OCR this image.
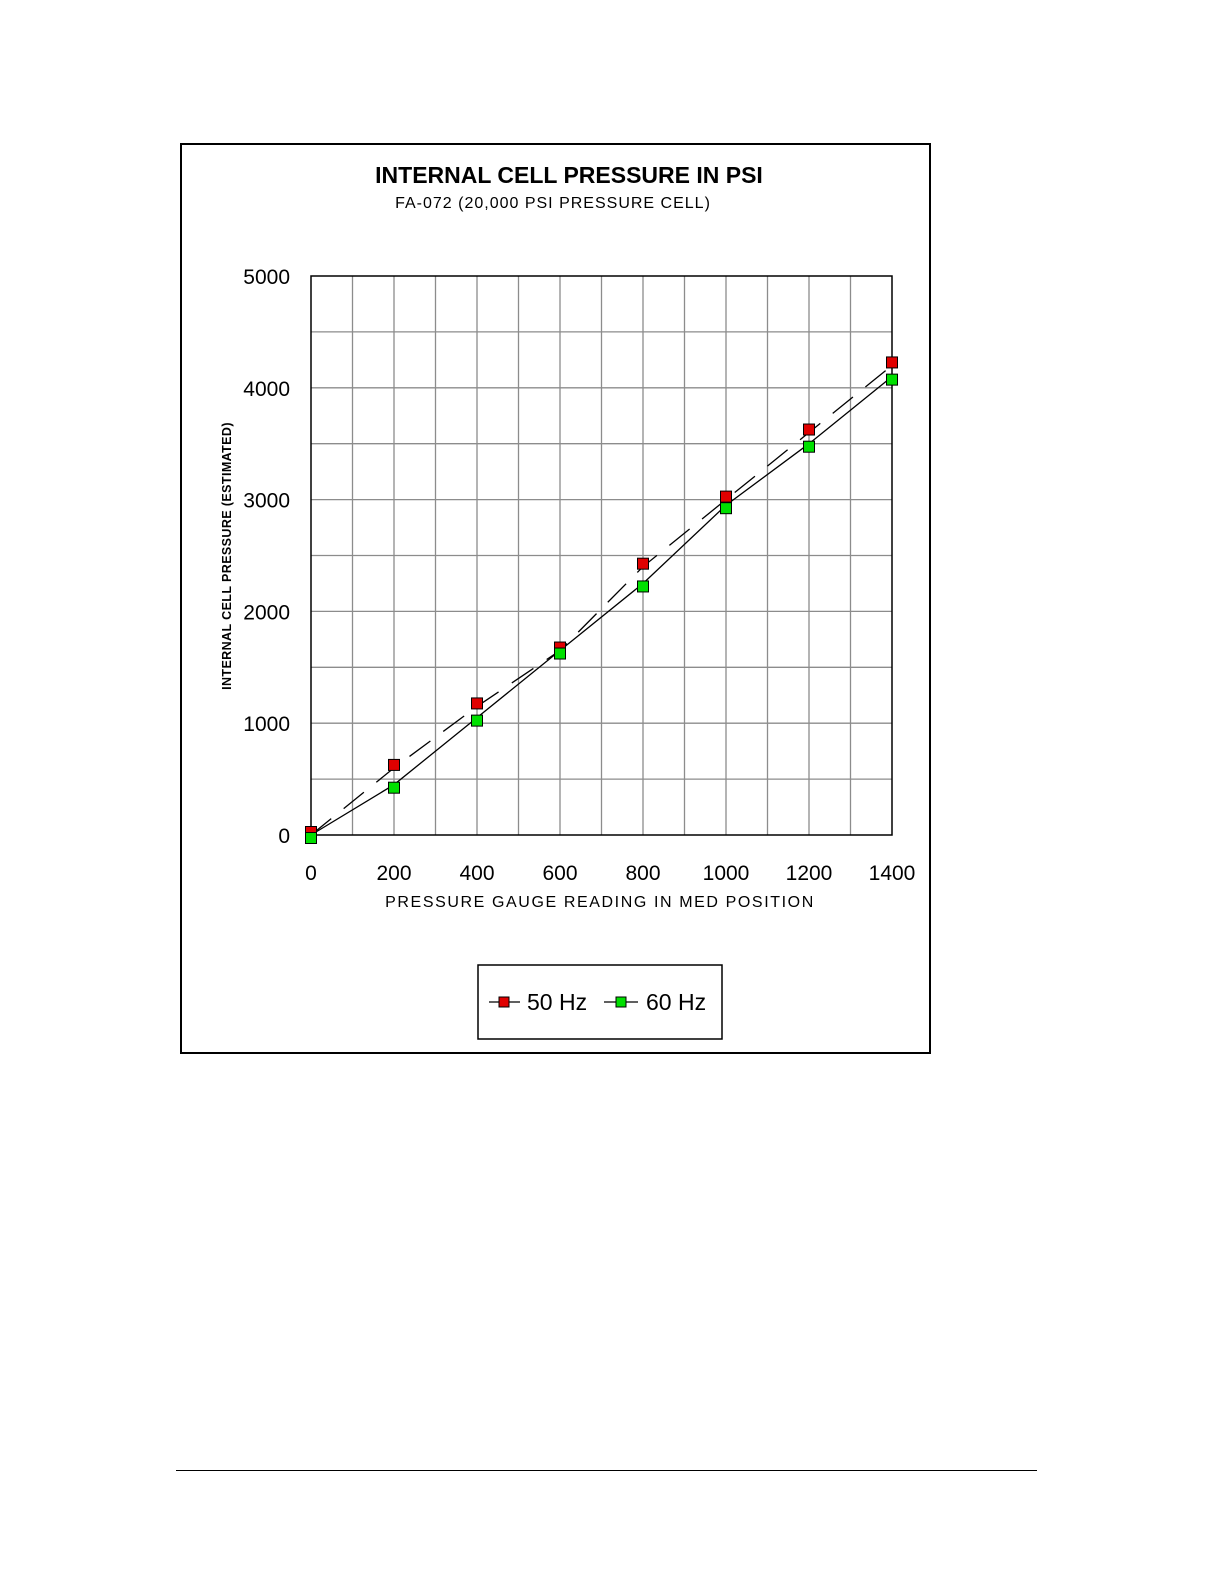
INTERNAL CELL PRESSURE IN PSI
FA-072 (20,000 PSI PRESSURE CELL)
0	200 400 600 800 1000 1200 1400
0
1000
2000
3000
4000
5000
PRESSURE GAUGE READING IN MED POSITION
INTERNAL CELL PRESSURE (ESTIMATED)
50 Hz	60 Hz
